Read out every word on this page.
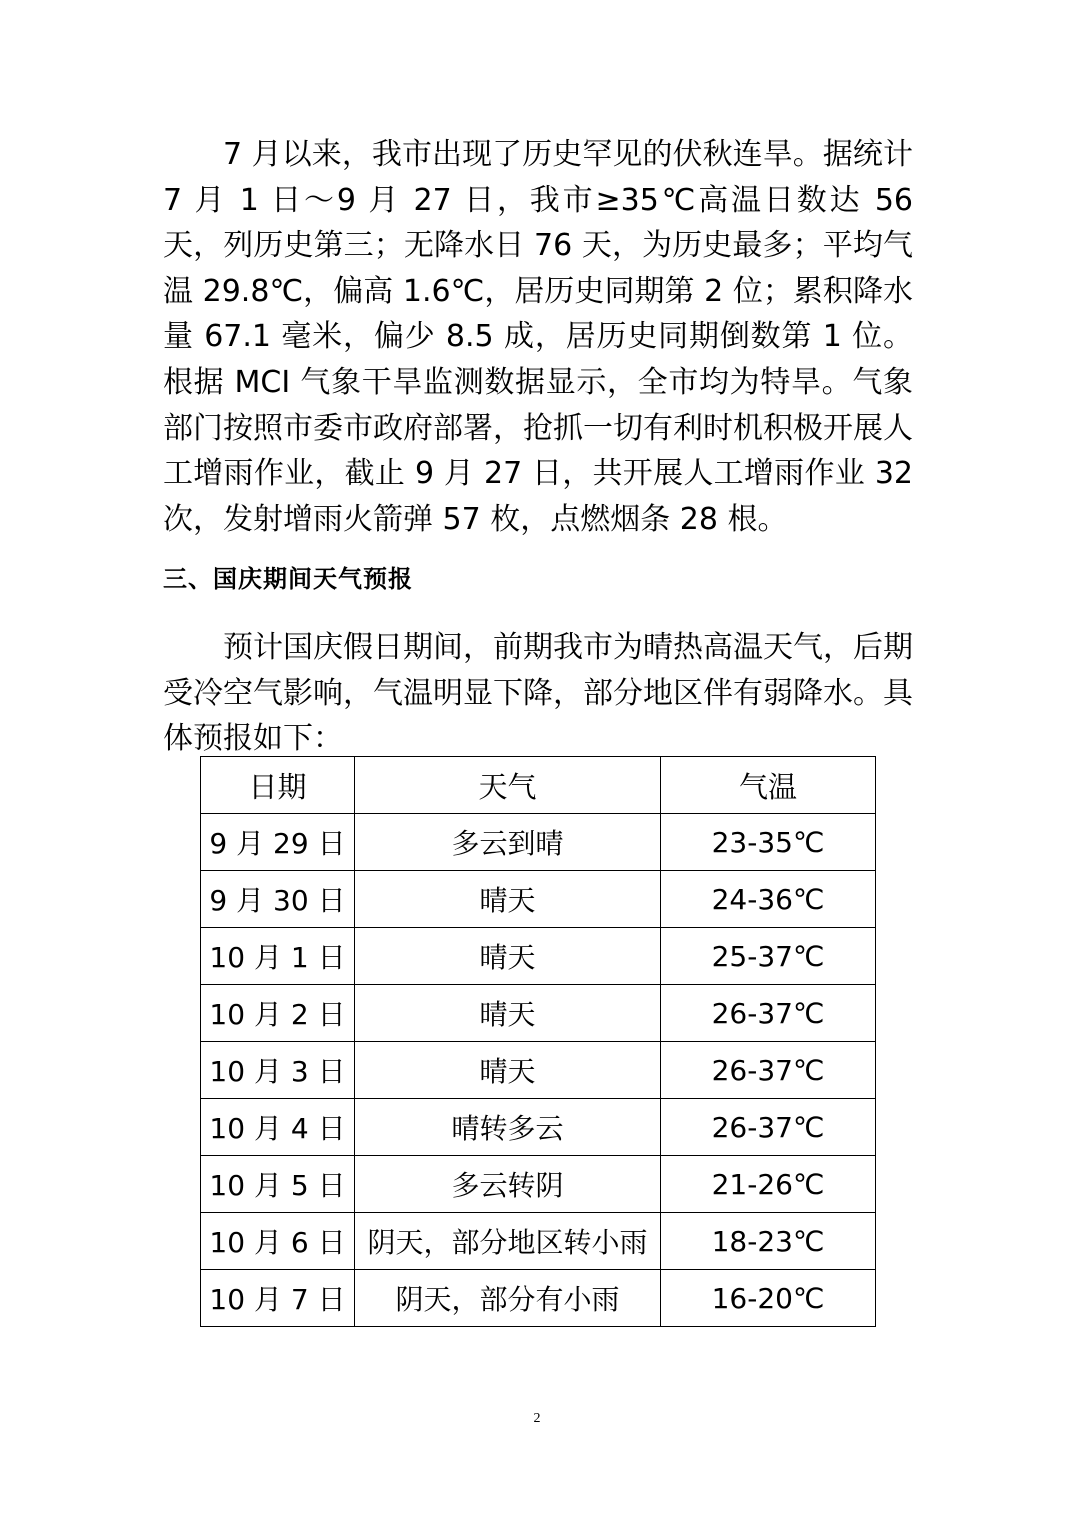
7 月以来，我市出现了历史罕见的伏秋连旱。据统计 7 月 1 日～9 月 27 日，我市≥35℃高温日数达 56 天，列历史第三；无降水日 76 天，为历史最多；平均气温 29.8℃，偏高 1.6℃，居历史同期第 2 位；累积降水量 67.1 毫米，偏少 8.5 成，居历史同期倒数第 1 位。根据 MCI 气象干旱监测数据显示，全市均为特旱。气象部门按照市委市政府部署，抢抓一切有利时机积极开展人工增雨作业，截止 9 月 27 日，共开展人工增雨作业 32 次，发射增雨火箭弹 57 枚，点燃烟条 28 根。

三、国庆期间天气预报

预计国庆假日期间，前期我市为晴热高温天气，后期受冷空气影响，气温明显下降，部分地区伴有弱降水。具体预报如下：

日期	天气	气温
9 月 29 日	多云到晴	23-35℃
9 月 30 日	晴天	24-36℃
10 月 1 日	晴天	25-37℃
10 月 2 日	晴天	26-37℃
10 月 3 日	晴天	26-37℃
10 月 4 日	晴转多云	26-37℃
10 月 5 日	多云转阴	21-26℃
10 月 6 日	阴天，部分地区转小雨	18-23℃
10 月 7 日	阴天，部分有小雨	16-20℃
2
